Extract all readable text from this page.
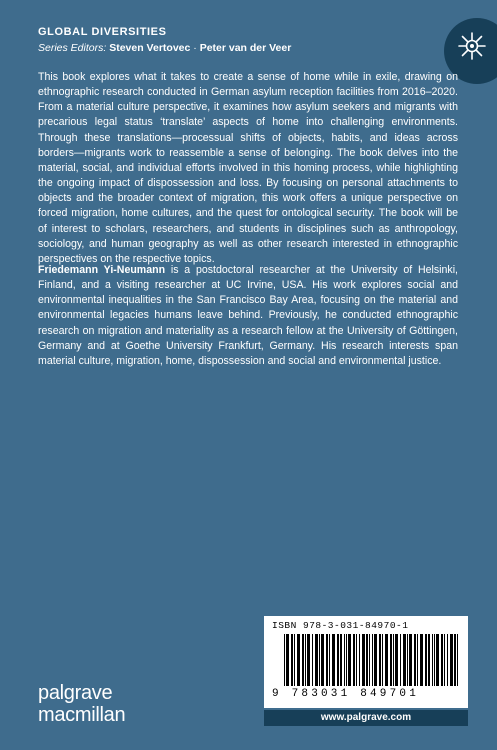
GLOBAL DIVERSITIES

Series Editors: Steven Vertovec · Peter van der Veer

This book explores what it takes to create a sense of home while in exile, drawing on ethnographic research conducted in German asylum reception facilities from 2016–2020. From a material culture perspective, it examines how asylum seekers and migrants with precarious legal status ‘translate’ aspects of home into challenging environments. Through these translations—processual shifts of objects, habits, and ideas across borders—migrants work to reassemble a sense of belonging. The book delves into the material, social, and individual efforts involved in this homing process, while highlighting the ongoing impact of dispossession and loss. By focusing on personal attachments to objects and the broader context of migration, this work offers a unique perspective on forced migration, home cultures, and the quest for ontological security. The book will be of interest to scholars, researchers, and students in disciplines such as anthropology, sociology, and human geography as well as other research interested in ethnographic perspectives on the respective topics.

Friedemann Yi-Neumann is a postdoctoral researcher at the University of Helsinki, Finland, and a visiting researcher at UC Irvine, USA. His work explores social and environmental inequalities in the San Francisco Bay Area, focusing on the material and environmental legacies humans leave behind. Previously, he conducted ethnographic research on migration and materiality as a research fellow at the University of Göttingen, Germany and at Goethe University Frankfurt, Germany. His research interests span material culture, migration, home, dispossession and social and environmental justice.

ISBN 978-3-031-84970-1
9 783031 849701
www.palgrave.com
palgrave
macmillan
